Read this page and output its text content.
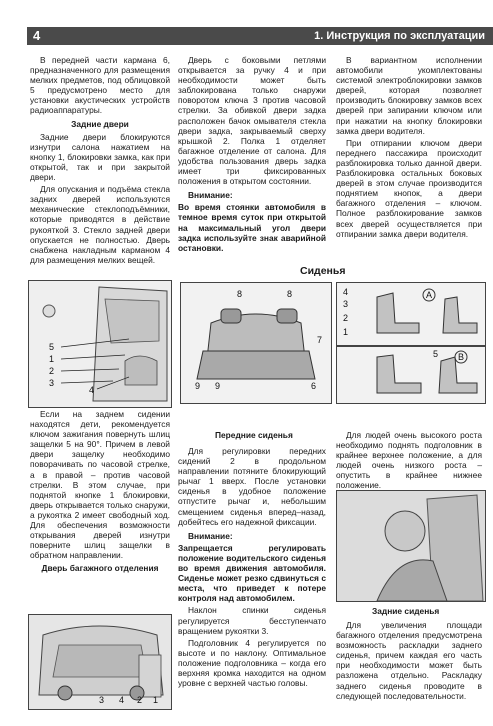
4	1. Инструкция по эксплуатации

В передней части кармана 6, предназначенного для размещения мелких предметов, под облицовкой 5 предусмотрено место для установки акустических устройств радиоаппаратуры.

Задние двери

Задние двери блокируются изнутри салона нажатием на кнопку 1, блокировки замка, как при открытой, так и при закрытой двери.

Для опускания и подъёма стекла задних дверей используются механические стеклоподъёмники, которые приводятся в действие рукояткой 3. Стекло задней двери опускается не полностью. Дверь снабжена накладным карманом 4 для размещения мелких вещей.

5
1
2
3
4

Если на заднем сидении находятся дети, рекомендуется ключом зажигания повернуть шлиц защелки 5 на 90°. Причем в левой двери защелку необходимо поворачивать по часовой стрелке, а в правой – против часовой стрелки. В этом случае, при поднятой кнопке 1 блокировки, дверь открывается только снаружи, а рукоятка 2 имеет свободный ход. Для обеспечения возможности открывания дверей изнутри поверните шлиц защелки в обратном направлении.

Дверь багажного отделения

3 4 2 1

Дверь с боковыми петлями открывается за ручку 4 и при необходимости может быть заблокирована только снаружи поворотом ключа 3 против часовой стрелки. За обивкой двери задка расположен бачок омывателя стекла двери задка, закрываемый сверху крышкой 2. Полка 1 отделяет багажное отделение от салона. Для удобства пользования дверь задка имеет три фиксированных положения в открытом состоянии.

Внимание:

Во время стоянки автомобиля в темное время суток при открытой на максимальный угол двери задка используйте знак аварийной остановки.

В вариантном исполнении автомобили укомплектованы системой электроблокировки замков дверей, которая позволяет производить блокировку замков всех дверей при запирании ключом или при нажатии на кнопку блокировки замка двери водителя.

При отпирании ключом двери переднего пассажира происходит разблокировка только данной двери. Разблокировка остальных боковых дверей в этом случае производится поднятием кнопок, а двери багажного отделения – ключом. Полное разблокирование замков всех дверей осуществляется при отпирании замка двери водителя.

Сиденья
8	8
7
9 9	6
4
3
2
1
A
5 B
Передние сиденья

Для регулировки передних сидений 2 в продольном направлении потяните блокирующий рычаг 1 вверх. После установки сиденья в удобное положение отпустите рычаг и, небольшим смещением сиденья вперед–назад, добейтесь его надежной фиксации.

Внимание:

Запрещается регулировать положение водительского сиденья во время движения автомобиля. Сиденье может резко сдвинуться с места, что приведет к потере контроля над автомобилем.

Наклон спинки сиденья регулируется бесступенчато вращением рукоятки 3.

Подголовник 4 регулируется по высоте и по наклону. Оптимальное положение подголовника – когда его верхняя кромка находится на одном уровне с верхней частью головы.

Для людей очень высокого роста необходимо поднять подголовник в крайнее верхнее положение, а для людей очень низкого роста – опустить в крайнее нижнее положение.

Задние сиденья

Для увеличения площади багажного отделения предусмотрена возможность раскладки заднего сиденья, причем каждая его часть при необходимости может быть разложена отдельно. Раскладку заднего сиденья проводите в следующей последовательности.
